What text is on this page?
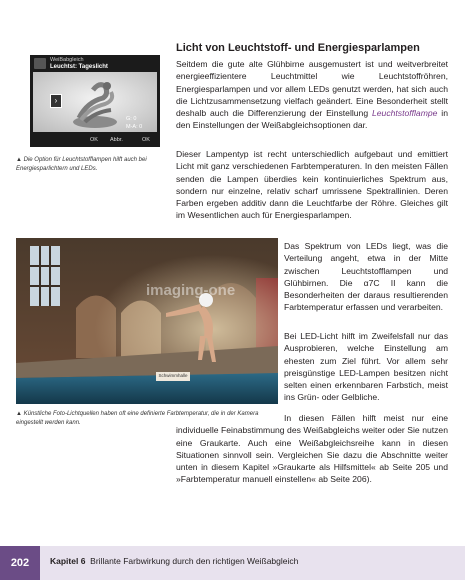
WeiBabgleich
Leuchtst: Tageslicht
›
G: 0
M-A: 0
OK Abbr.	OK
▲ Die Option für Leuchtstofflampen hilft auch bei Energiesparlichtern und LEDs.
Licht von Leuchtstoff- und Energiesparlampen
Seitdem die gute alte Glühbirne ausgemustert ist und weitverbreitet energieeffizientere Leuchtmittel wie Leuchtstoffröhren, Energiesparlampen und vor allem LEDs genutzt werden, hat sich auch die Lichtzusammensetzung vielfach geändert. Eine Besonderheit stellt deshalb auch die Differenzierung der Einstellung Leuchtstofflampe in den Einstellungen der Weißabgleichsoptionen dar.
Dieser Lampentyp ist recht unterschiedlich aufgebaut und emittiert Licht mit ganz verschiedenen Farbtemperaturen. In den meisten Fällen senden die Lampen überdies kein kontinuierliches Spektrum aus, sondern nur einzelne, relativ scharf umrissene Spektrallinien. Deren Farben ergeben additiv dann die Leuchtfarbe der Röhre. Gleiches gilt im Wesentlichen auch für Energiesparlampen.
Schwimmhalle
imaging-one
▲ Künstliche Foto-Lichtquellen haben oft eine definierte Farbtemperatur, die in der Kamera eingestellt werden kann.
Das Spektrum von LEDs liegt, was die Verteilung angeht, etwa in der Mitte zwischen Leuchtstofflampen und Glühbirnen. Die α7C II kann die Besonderheiten der daraus resultierenden Farbtemperatur erfassen und verarbeiten.
Bei LED-Licht hilft im Zweifelsfall nur das Ausprobieren, welche Einstellung am ehesten zum Ziel führt. Vor allem sehr preisgünstige LED-Lampen besitzen nicht selten einen erkennbaren Farbstich, meist ins Grün- oder Gelbliche.
In diesen Fällen hilft meist nur eine individuelle Feinabstimmung des Weißabgleichs weiter oder Sie nutzen eine Graukarte. Auch eine Weißabgleichsreihe kann in diesen Situationen sinnvoll sein. Vergleichen Sie dazu die Abschnitte weiter unten in diesem Kapitel »Graukarte als Hilfsmittel« ab Seite 205 und »Farbtemperatur manuell einstellen« ab Seite 206).
202	Kapitel 6 Brillante Farbwirkung durch den richtigen Weißabgleich
